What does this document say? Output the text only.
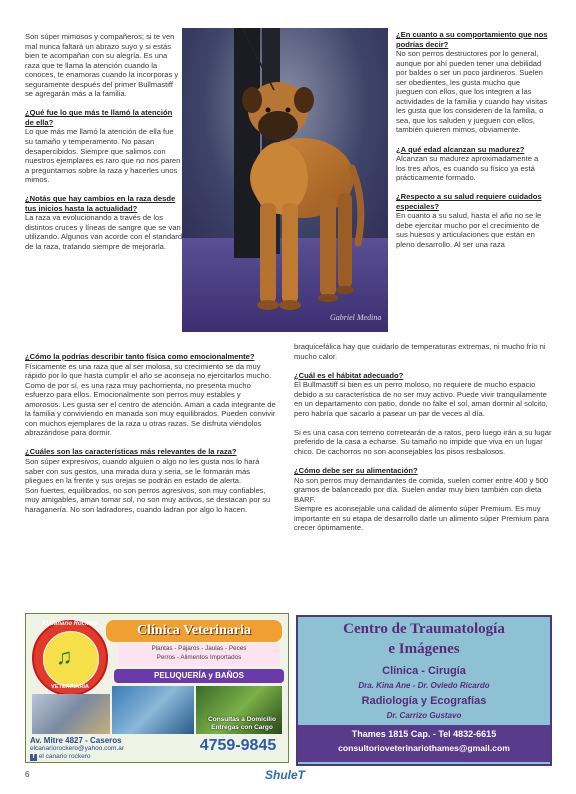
Son súper mimosos y compañeros; si te ven mal nunca faltará un abrazo suyo y si estás bien te acompañan con su alegría. Es una raza que te llama la atención cuando la conoces, te enamoras cuando la incorporas y seguramente después del primer Bullmastiff se agregarán más a la familia.

¿Qué fue lo que más te llamó la atención de ella?
Lo que más me llamó la atención de ella fue su tamaño y temperamento. No pasan desapercibidos. Siempre que salimos con nuestros ejemplares es raro que no nos paren a preguntarnos sobre la raza y hacerles unos mimos.

¿Notás que hay cambios en la raza desde tus inicios hasta la actualidad?
La raza va evolucionando a través de los distintos cruces y líneas de sangre que se van utilizando. Algunos van acorde con el standard de la raza, tratando siempre de mejorarla.

Gabriel Medina

¿En cuanto a su comportamiento que nos podrías decir?
No son perros destructores por lo general, aunque por ahí pueden tener una debilidad por baldes o ser un poco jardineros. Suelen ser obedientes, les gusta mucho que jueguen con ellos, que los integren a las actividades de la familia y cuando hay visitas les gusta que los consideren de la familia, o sea, que los saluden y jueguen con ellos, también quieren mimos, obviamente.

¿A qué edad alcanzan su madurez?
Alcanzan su madurez aproximadamente a los tres años, es cuando su físico ya está prácticamente formado.

¿Respecto a su salud requiere cuidados especiales?
En cuanto a su salud, hasta el año no se le debe ejercitar mucho por el crecimiento de sus huesos y articulaciones que están en pleno desarrollo. Al ser una raza

¿Cómo la podrías describir tanto física como emocionalmente?
Físicamente es una raza que al ser molosa, su crecimiento se da muy rápido por lo que hasta cumplir el año se aconseja no ejercitarlos mucho. Como de por sí, es una raza muy pachorrienta, no presenta mucho esfuerzo para ellos. Emocionalmente son perros muy estables y amorosos. Les gusta ser el centro de atención. Aman a cada integrante de la familia y conviviendo en manada son muy equilibrados. Pueden convivir con muchos ejemplares de la raza u otras razas. Se disfruta viéndolos abrazándose para dormir.

¿Cuáles son las características más relevantes de la raza?
Son súper expresivos, cuando alguien o algo no les gusta nos lo hará saber con sus gestos, una mirada dura y seria, se le formarán más pliegues en la frente y sus orejas se podrán en estado de alerta.
Son fuertes, equilibrados, no son perros agresivos, son muy confiables, muy amigables, aman tomar sol, no son muy activos, se destacan por su haraganería. No son ladradores, cuando ladran por algo lo hacen.

braquicefálica hay que cuidarlo de temperaturas extremas, ni mucho frío ni mucho calor.

¿Cuál es el hábitat adecuado?
El Bullmastiff si bien es un perro moloso, no requiere de mucho espacio debido a su característica de no ser muy activo. Puede vivir tranquilamente en un departamento con patio, donde no falte el sol, aman dormir al solcito, pero habría que sacarlo a pasear un par de veces al día.

Si es una casa con terreno corretearán de a ratos, pero luego irán a su lugar preferido de la casa a echarse. Su tamaño no impide que viva en un lugar chico. De cachorros no son aconsejables los pisos resbalosos.

¿Cómo debe ser su alimentación?
No son perros muy demandantes de comida, suelen comer entre 400 y 500 gramos de balanceado por día. Suelen andar muy bien también con dieta BARF.
Siempre es aconsejable una calidad de alimento súper Premium. Es muy importante en su etapa de desarrollo darle un alimento súper Premium para crecer óptimamente.

♫
El Canario Rockero
VETERINARIA
Clínica Veterinaria
Plantas - Pájaros - Jaulas - Peces
Perros - Alimentos Importados
PELUQUERÍA y BAÑOS
Consultas a Domicilio
Entregas con Cargo
Av. Mitre 4827 - Caseros
elcanariorockero@yahoo.com.ar
f el canario rockero
4759-9845
Centro de Traumatología
e Imágenes
Clínica - Cirugía
Dra. Kina Ane - Dr. Oviedo Ricardo
Radiología y Ecografías
Dr. Carrizo Gustavo
Thames 1815 Cap. - Tel 4832-6615
consultorioveterinariothames@gmail.com
6	ShuleT
